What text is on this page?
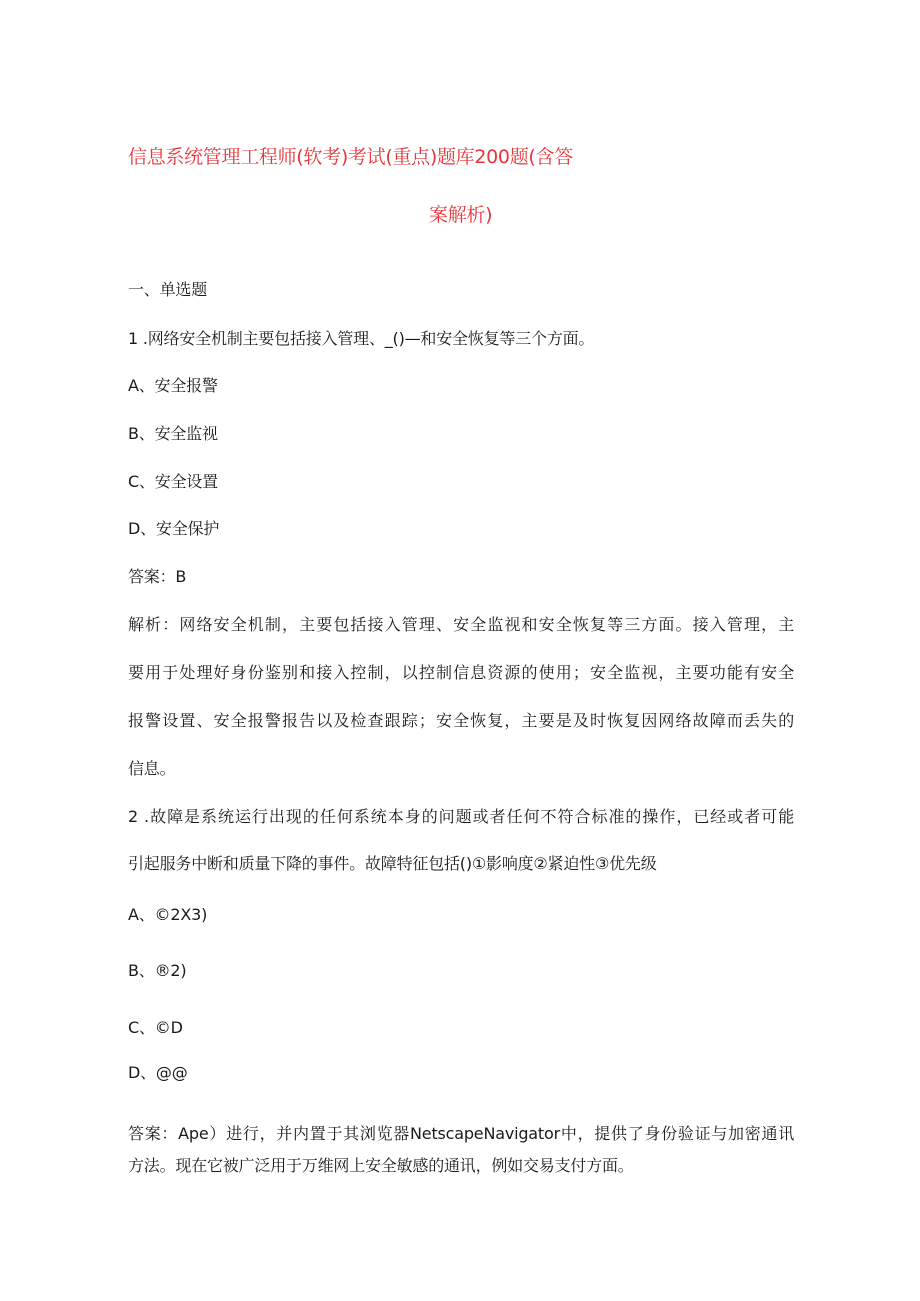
信息系统管理工程师(软考)考试(重点)题库200题(含答
案解析)
一、单选题
1 .网络安全机制主要包括接入管理、_()—和安全恢复等三个方面。
A、安全报警
B、安全监视
C、安全设置
D、安全保护
答案：B
解析：网络安全机制，主要包括接入管理、安全监视和安全恢复等三方面。接入管理，主
要用于处理好身份鉴别和接入控制，以控制信息资源的使用；安全监视，主要功能有安全
报警设置、安全报警报告以及检查跟踪；安全恢复，主要是及时恢复因网络故障而丢失的
信息。
2 .故障是系统运行出现的任何系统本身的问题或者任何不符合标准的操作，已经或者可能
引起服务中断和质量下降的事件。故障特征包括()①影响度②紧迫性③优先级
A、©2X3)
B、®2)
C、©D
D、@@
答案：Ape）进行，并内置于其浏览器NetscapeNavigator中，提供了身份验证与加密通讯
方法。现在它被广泛用于万维网上安全敏感的通讯，例如交易支付方面。
